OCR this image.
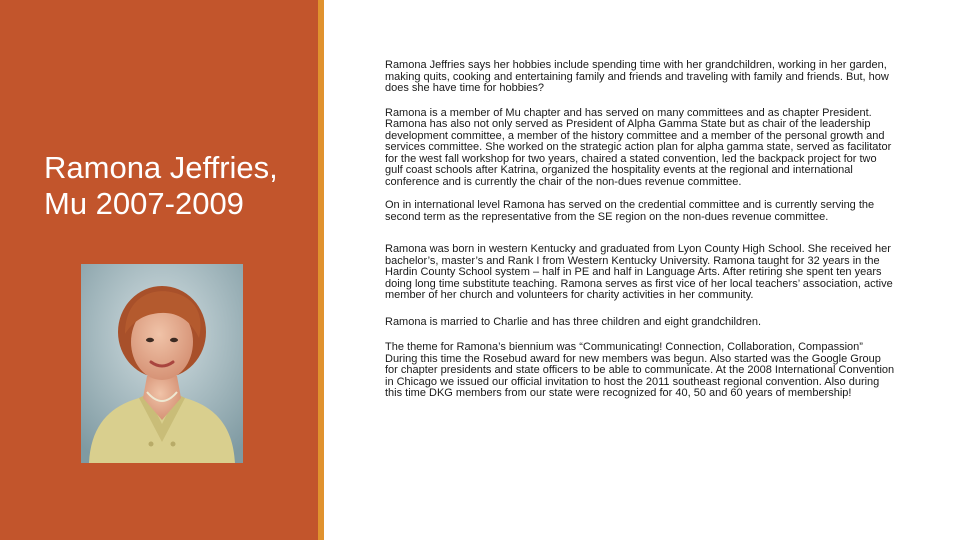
Ramona Jeffries,
Mu 2007-2009

Ramona Jeffries says her hobbies include spending time with her grandchildren, working in her garden, making quits, cooking and entertaining family and friends and traveling with family and friends. But, how does she have time for hobbies?

Ramona is a member of Mu chapter and has served on many committees and as chapter President. Ramona has also not only served as President of Alpha Gamma State but as chair of the leadership development committee, a member of the history committee and a member of the personal growth and services committee. She worked on the strategic action plan for alpha gamma state, served as facilitator for the west fall workshop for two years, chaired a stated convention, led the backpack project for two gulf coast schools after Katrina, organized the hospitality events at the regional and international conference and is currently the chair of the non-dues revenue committee.

On in international level Ramona has served on the credential committee and is currently serving the second term as the representative from the SE region on the non-dues revenue committee.

Ramona was born in western Kentucky and graduated from Lyon County High School. She received her bachelor’s, master’s and Rank I from Western Kentucky University. Ramona taught for 32 years in the Hardin County School system – half in PE and half in Language Arts. After retiring she spent ten years doing long time substitute teaching. Ramona serves as first vice of her local teachers’ association, active member of her church and volunteers for charity activities in her community.

Ramona is married to Charlie and has three children and eight grandchildren.

The theme for Ramona’s biennium was “Communicating! Connection, Collaboration, Compassion” During this time the Rosebud award for new members was begun. Also started was the Google Group for chapter presidents and state officers to be able to communicate. At the 2008 International Convention in Chicago we issued our official invitation to host the 2011 southeast regional convention. Also during this time DKG members from our state were recognized for 40, 50 and 60 years of membership!
